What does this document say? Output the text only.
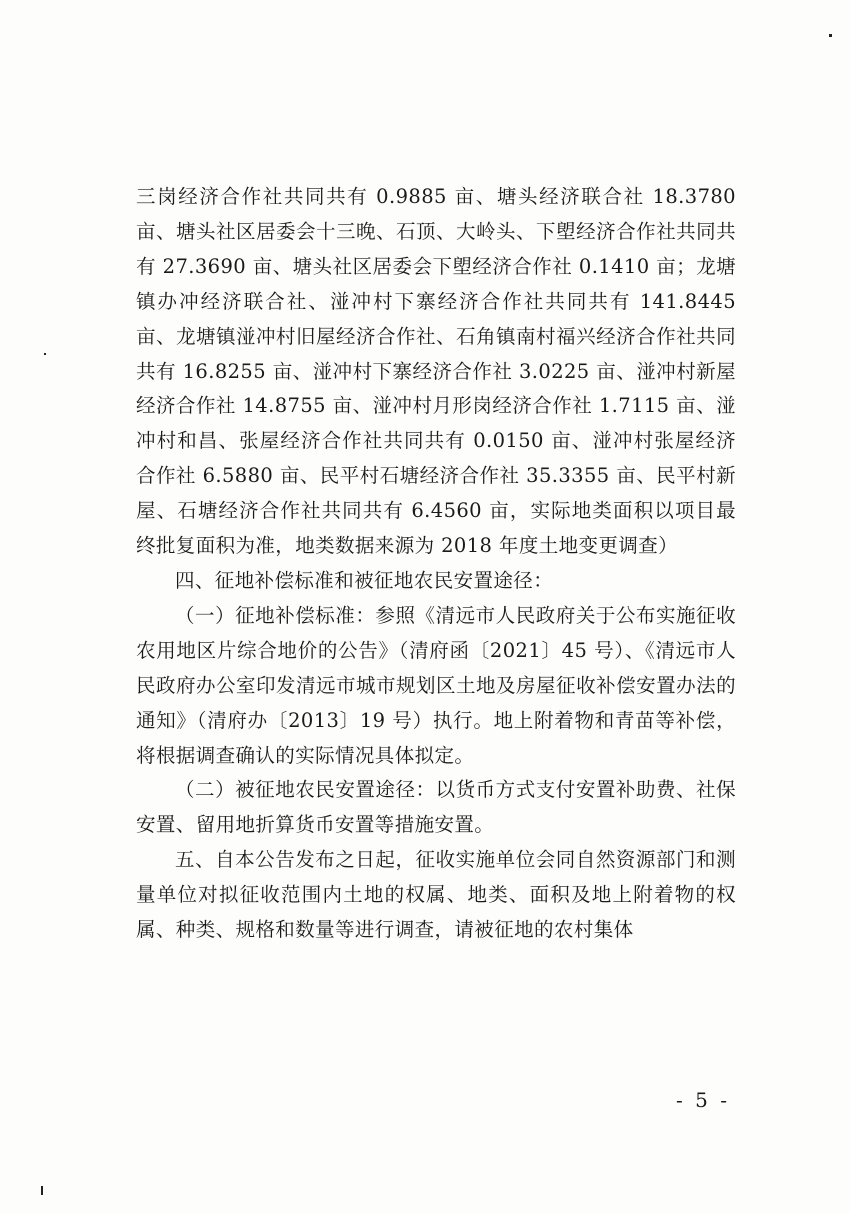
三岗经济合作社共同共有 0.9885 亩、塘头经济联合社 18.3780 亩、塘头社区居委会十三晚、石顶、大岭头、下塱经济合作社共同共有 27.3690 亩、塘头社区居委会下塱经济合作社 0.1410 亩；龙塘镇办冲经济联合社、湴冲村下寨经济合作社共同共有 141.8445 亩、龙塘镇湴冲村旧屋经济合作社、石角镇南村福兴经济合作社共同共有 16.8255 亩、湴冲村下寨经济合作社 3.0225 亩、湴冲村新屋经济合作社 14.8755 亩、湴冲村月形岗经济合作社 1.7115 亩、湴冲村和昌、张屋经济合作社共同共有 0.0150 亩、湴冲村张屋经济合作社 6.5880 亩、民平村石塘经济合作社 35.3355 亩、民平村新屋、石塘经济合作社共同共有 6.4560 亩，实际地类面积以项目最终批复面积为准，地类数据来源为 2018 年度土地变更调查）

四、征地补偿标准和被征地农民安置途径：

（一）征地补偿标准：参照《清远市人民政府关于公布实施征收农用地区片综合地价的公告》（清府函〔2021〕45 号）、《清远市人民政府办公室印发清远市城市规划区土地及房屋征收补偿安置办法的通知》（清府办〔2013〕19 号）执行。地上附着物和青苗等补偿，将根据调查确认的实际情况具体拟定。

（二）被征地农民安置途径：以货币方式支付安置补助费、社保安置、留用地折算货币安置等措施安置。

五、自本公告发布之日起，征收实施单位会同自然资源部门和测量单位对拟征收范围内土地的权属、地类、面积及地上附着物的权属、种类、规格和数量等进行调查，请被征地的农村集体

- 5 -
